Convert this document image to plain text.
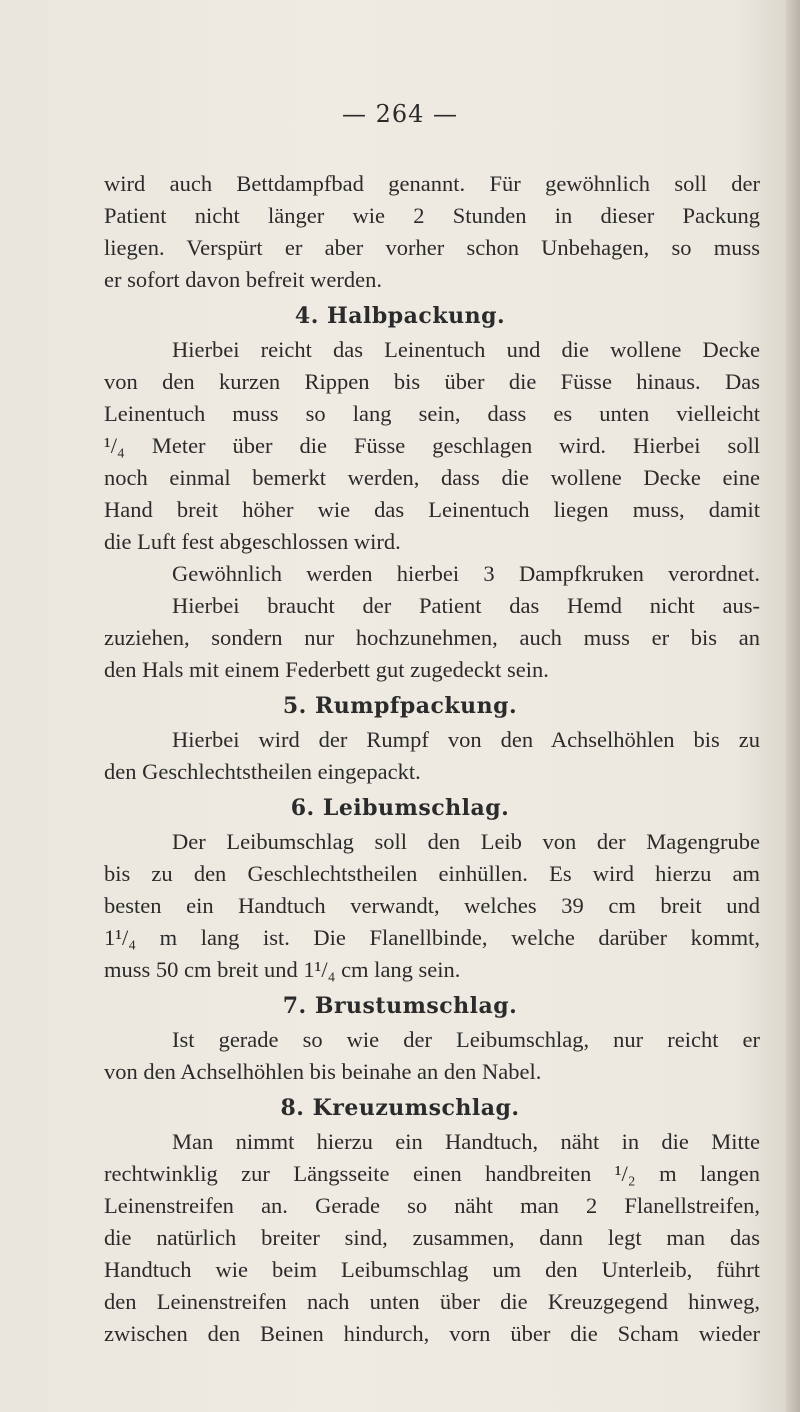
— 264 —
wird auch Bettdampfbad genannt. Für gewöhnlich soll der
Patient nicht länger wie 2 Stunden in dieser Packung
liegen. Verspürt er aber vorher schon Unbehagen, so muss
er sofort davon befreit werden.
4. Halbpackung.
Hierbei reicht das Leinentuch und die wollene Decke
von den kurzen Rippen bis über die Füsse hinaus. Das
Leinentuch muss so lang sein, dass es unten vielleicht
¹/₄ Meter über die Füsse geschlagen wird. Hierbei soll
noch einmal bemerkt werden, dass die wollene Decke eine
Hand breit höher wie das Leinentuch liegen muss, damit
die Luft fest abgeschlossen wird.
Gewöhnlich werden hierbei 3 Dampfkruken verordnet.
Hierbei braucht der Patient das Hemd nicht aus-
zuziehen, sondern nur hochzunehmen, auch muss er bis an
den Hals mit einem Federbett gut zugedeckt sein.
5. Rumpfpackung.
Hierbei wird der Rumpf von den Achselhöhlen bis zu
den Geschlechtstheilen eingepackt.
6. Leibumschlag.
Der Leibumschlag soll den Leib von der Magengrube
bis zu den Geschlechtstheilen einhüllen. Es wird hierzu am
besten ein Handtuch verwandt, welches 39 cm breit und
1¹/₄ m lang ist. Die Flanellbinde, welche darüber kommt,
muss 50 cm breit und 1¹/₄ cm lang sein.
7. Brustumschlag.
Ist gerade so wie der Leibumschlag, nur reicht er
von den Achselhöhlen bis beinahe an den Nabel.
8. Kreuzumschlag.
Man nimmt hierzu ein Handtuch, näht in die Mitte
rechtwinklig zur Längsseite einen handbreiten ¹/₂ m langen
Leinenstreifen an. Gerade so näht man 2 Flanellstreifen,
die natürlich breiter sind, zusammen, dann legt man das
Handtuch wie beim Leibumschlag um den Unterleib, führt
den Leinenstreifen nach unten über die Kreuzgegend hinweg,
zwischen den Beinen hindurch, vorn über die Scham wieder
